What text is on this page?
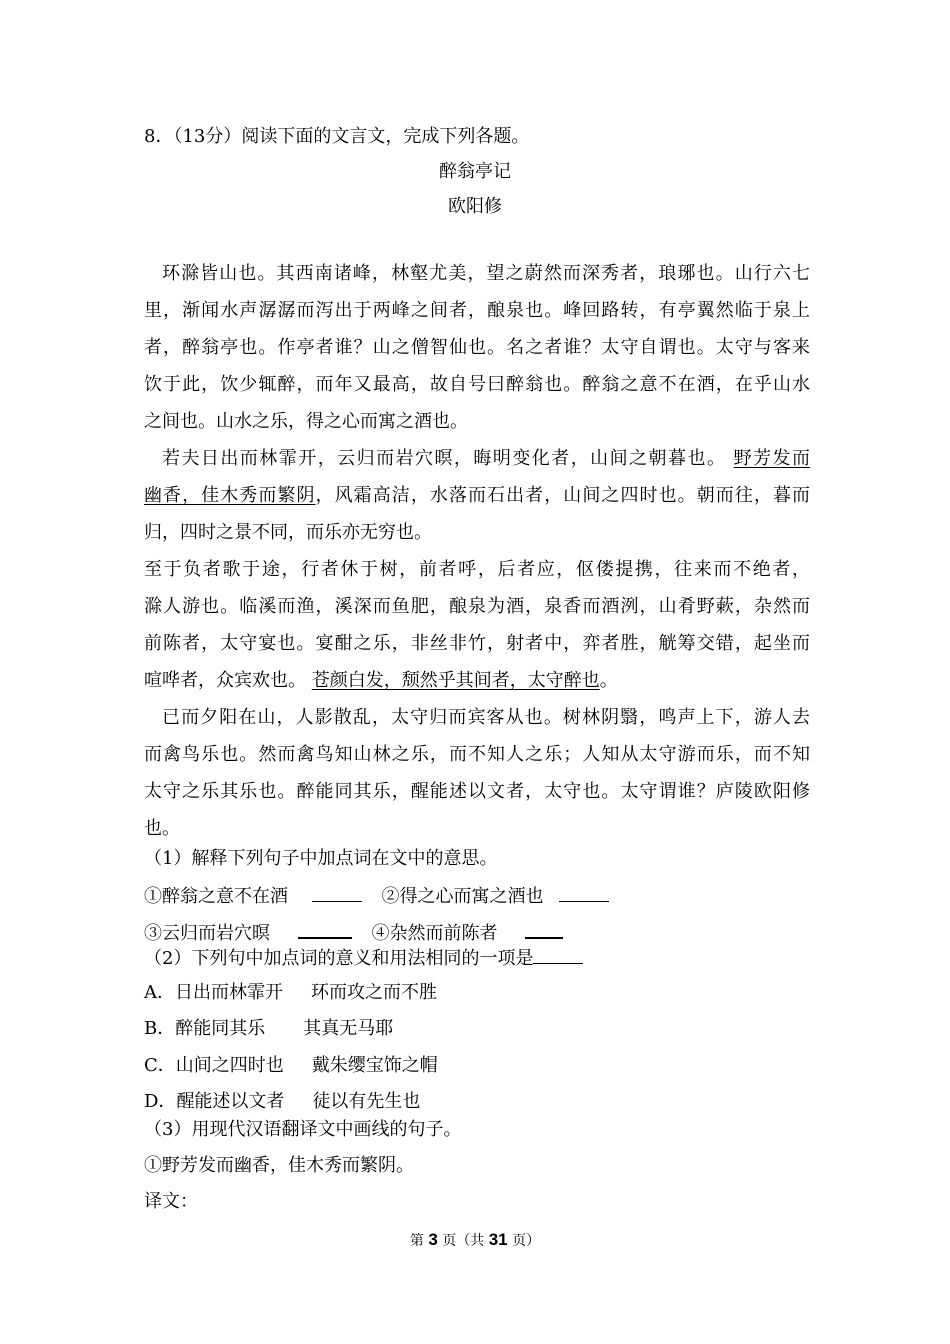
8．（13分）阅读下面的文言文，完成下列各题。
醉翁亭记
欧阳修

环滁皆山也。其西南诸峰，林壑尤美，望之蔚然而深秀者，琅琊也。山行六七

里，渐闻水声潺潺而泻出于两峰之间者，酿泉也。峰回路转，有亭翼然临于泉上

者，醉翁亭也。作亭者谁？山之僧智仙也。名之者谁？太守自谓也。太守与客来

饮于此，饮少辄醉，而年又最高，故自号曰醉翁也。醉翁之意不在酒，在乎山水

之间也。山水之乐，得之心而寓之酒也。

若夫日出而林霏开，云归而岩穴暝，晦明变化者，山间之朝暮也。 野芳发而

幽香，佳木秀而繁阴，风霜高洁，水落而石出者，山间之四时也。朝而往，暮而

归，四时之景不同，而乐亦无穷也。

至于负者歌于途，行者休于树，前者呼，后者应，伛偻提携，往来而不绝者，

滁人游也。临溪而渔，溪深而鱼肥，酿泉为酒，泉香而酒洌，山肴野蔌，杂然而

前陈者，太守宴也。宴酣之乐，非丝非竹，射者中，弈者胜，觥筹交错，起坐而

喧哗者，众宾欢也。 苍颜白发，颓然乎其间者，太守醉也。

已而夕阳在山，人影散乱，太守归而宾客从也。树林阴翳，鸣声上下，游人去

而禽鸟乐也。然而禽鸟知山林之乐，而不知人之乐；人知从太守游而乐，而不知

太守之乐其乐也。醉能同其乐，醒能述以文者，太守也。太守谓谁？庐陵欧阳修

也。

（1）解释下列句子中加点词在文中的意思。
①醉翁之意不在酒	②得之心而寓之酒也
③云归而岩穴暝	④杂然而前陈者
（2）下列句中加点词的意义和用法相同的一项是
A．日出而林霏开 环而攻之而不胜
B．醉能同其乐 其真无马耶
C．山间之四时也 戴朱缨宝饰之帽
D．醒能述以文者 徒以有先生也
（3）用现代汉语翻译文中画线的句子。
①野芳发而幽香，佳木秀而繁阴。
译文：
第 3 页（共 31 页）
